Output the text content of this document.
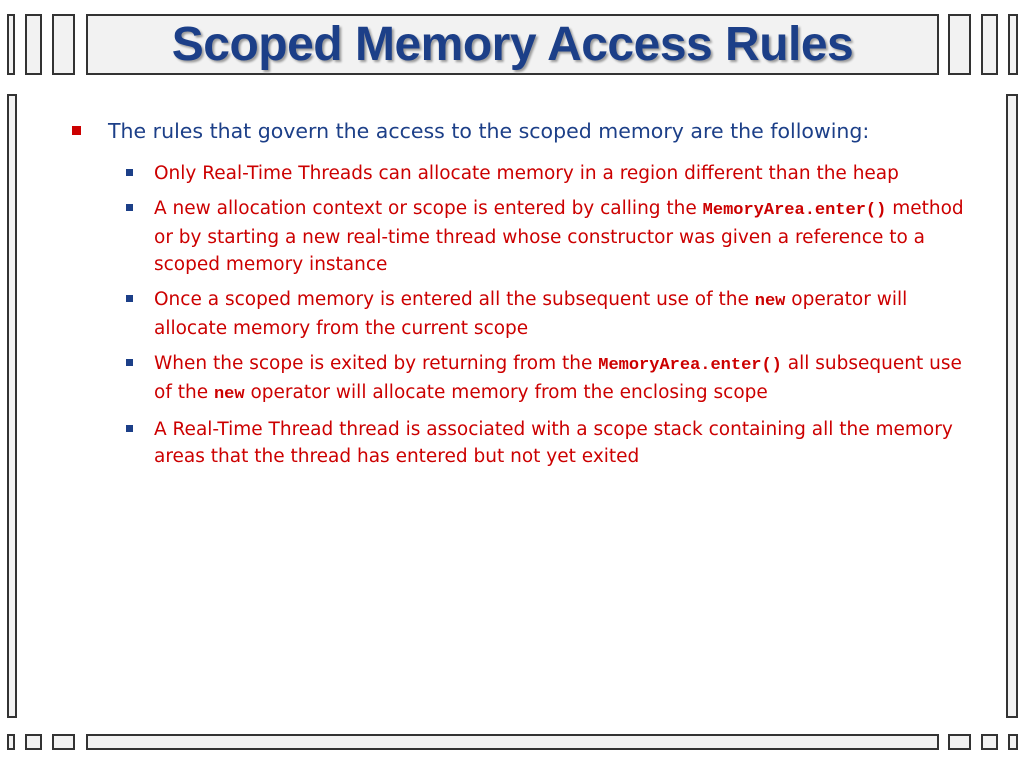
Scoped Memory Access Rules
The rules that govern the access to the scoped memory are the following:
Only Real-Time Threads can allocate memory in a region different than the heap
A new allocation context or scope is entered by calling the MemoryArea.enter() method or by starting a new real-time thread whose constructor was given a reference to a scoped memory instance
Once a scoped memory is entered all the subsequent use of the new operator will allocate memory from the current scope
When the scope is exited by returning from the MemoryArea.enter() all subsequent use of the new operator will allocate memory from the enclosing scope
A Real-Time Thread thread is associated with a scope stack containing all the memory areas that the thread has entered but not yet exited
